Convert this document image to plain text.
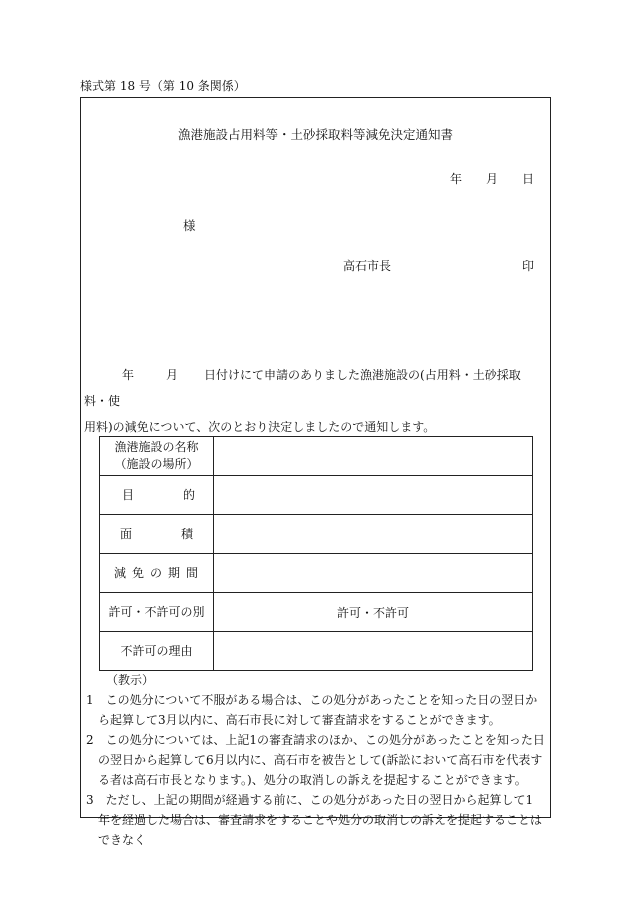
様式第 18 号（第 10 条関係）
漁港施設占用料等・土砂採取料等減免決定通知書
年 月 日
様
高石市長	印
年	月 日付けにて申請のありました漁港施設の(占用料・土砂採取料・使
用料)の減免について、次のとおり決定しましたので通知します。
漁港施設の名称
（施設の場所）	

目 的	

面 積	

減 免 の 期 間	

許可・不許可の別	許可・不許可
不許可の理由	
（教示）
1　この処分について不服がある場合は、この処分があったことを知った日の翌日から起算して3月以内に、高石市長に対して審査請求をすることができます。
2　この処分については、上記1の審査請求のほか、この処分があったことを知った日の翌日から起算して6月以内に、高石市を被告として(訴訟において高石市を代表する者は高石市長となります。)、処分の取消しの訴えを提起することができます。
3　ただし、上記の期間が経過する前に、この処分があった日の翌日から起算して1年を経過した場合は、審査請求をすることや処分の取消しの訴えを提起することはできなく
